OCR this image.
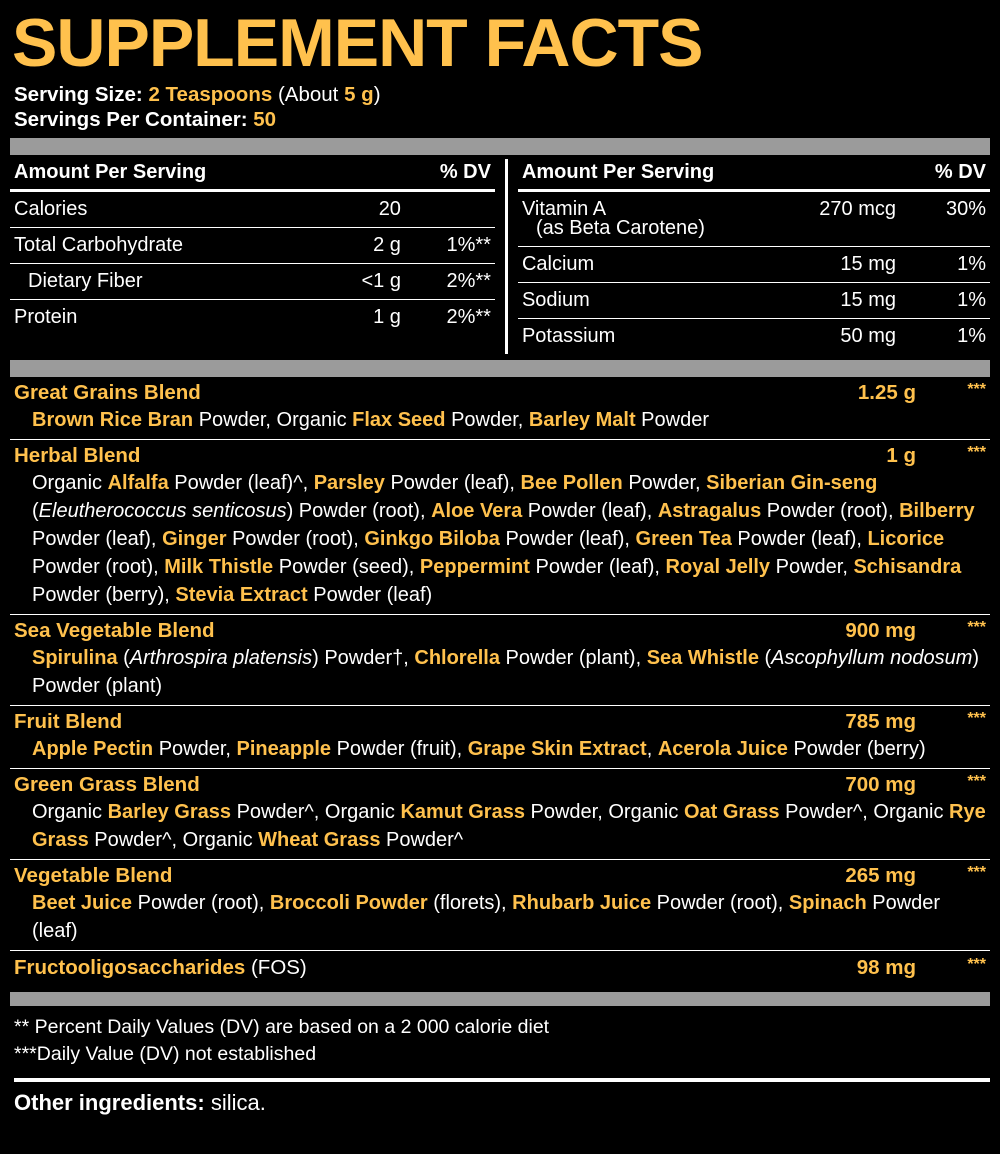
SUPPLEMENT FACTS
Serving Size: 2 Teaspoons (About 5 g)
Servings Per Container: 50
Amount Per Serving	% DV
Calories	20
Total Carbohydrate	2 g	1%**
Dietary Fiber	<1 g	2%**
Protein	1 g	2%**
Amount Per Serving	% DV
Vitamin A	270 mcg	30%
(as Beta Carotene)
Calcium	15 mg	1%
Sodium	15 mg	1%
Potassium	50 mg	1%
Great Grains Blend	1.25 g	***
Brown Rice Bran Powder, Organic Flax Seed Powder, Barley Malt Powder
Herbal Blend	1 g	***
Organic Alfalfa Powder (leaf)^, Parsley Powder (leaf), Bee Pollen Powder, Siberian Gin-seng (Eleutherococcus senticosus) Powder (root), Aloe Vera Powder (leaf), Astragalus Powder (root), Bilberry Powder (leaf), Ginger Powder (root), Ginkgo Biloba Powder (leaf), Green Tea Powder (leaf), Licorice Powder (root), Milk Thistle Powder (seed), Peppermint Powder (leaf), Royal Jelly Powder, Schisandra Powder (berry), Stevia Extract Powder (leaf)
Sea Vegetable Blend	900 mg	***
Spirulina (Arthrospira platensis) Powder†, Chlorella Powder (plant), Sea Whistle (Ascophyllum nodosum) Powder (plant)
Fruit Blend	785 mg	***
Apple Pectin Powder, Pineapple Powder (fruit), Grape Skin Extract, Acerola Juice Powder (berry)
Green Grass Blend	700 mg	***
Organic Barley Grass Powder^, Organic Kamut Grass Powder, Organic Oat Grass Powder^, Organic Rye Grass Powder^, Organic Wheat Grass Powder^
Vegetable Blend	265 mg	***
Beet Juice Powder (root), Broccoli Powder (florets), Rhubarb Juice Powder (root), Spinach Powder (leaf)
Fructooligosaccharides (FOS)	98 mg	***
** Percent Daily Values (DV) are based on a 2 000 calorie diet
***Daily Value (DV) not established
Other ingredients: silica.
